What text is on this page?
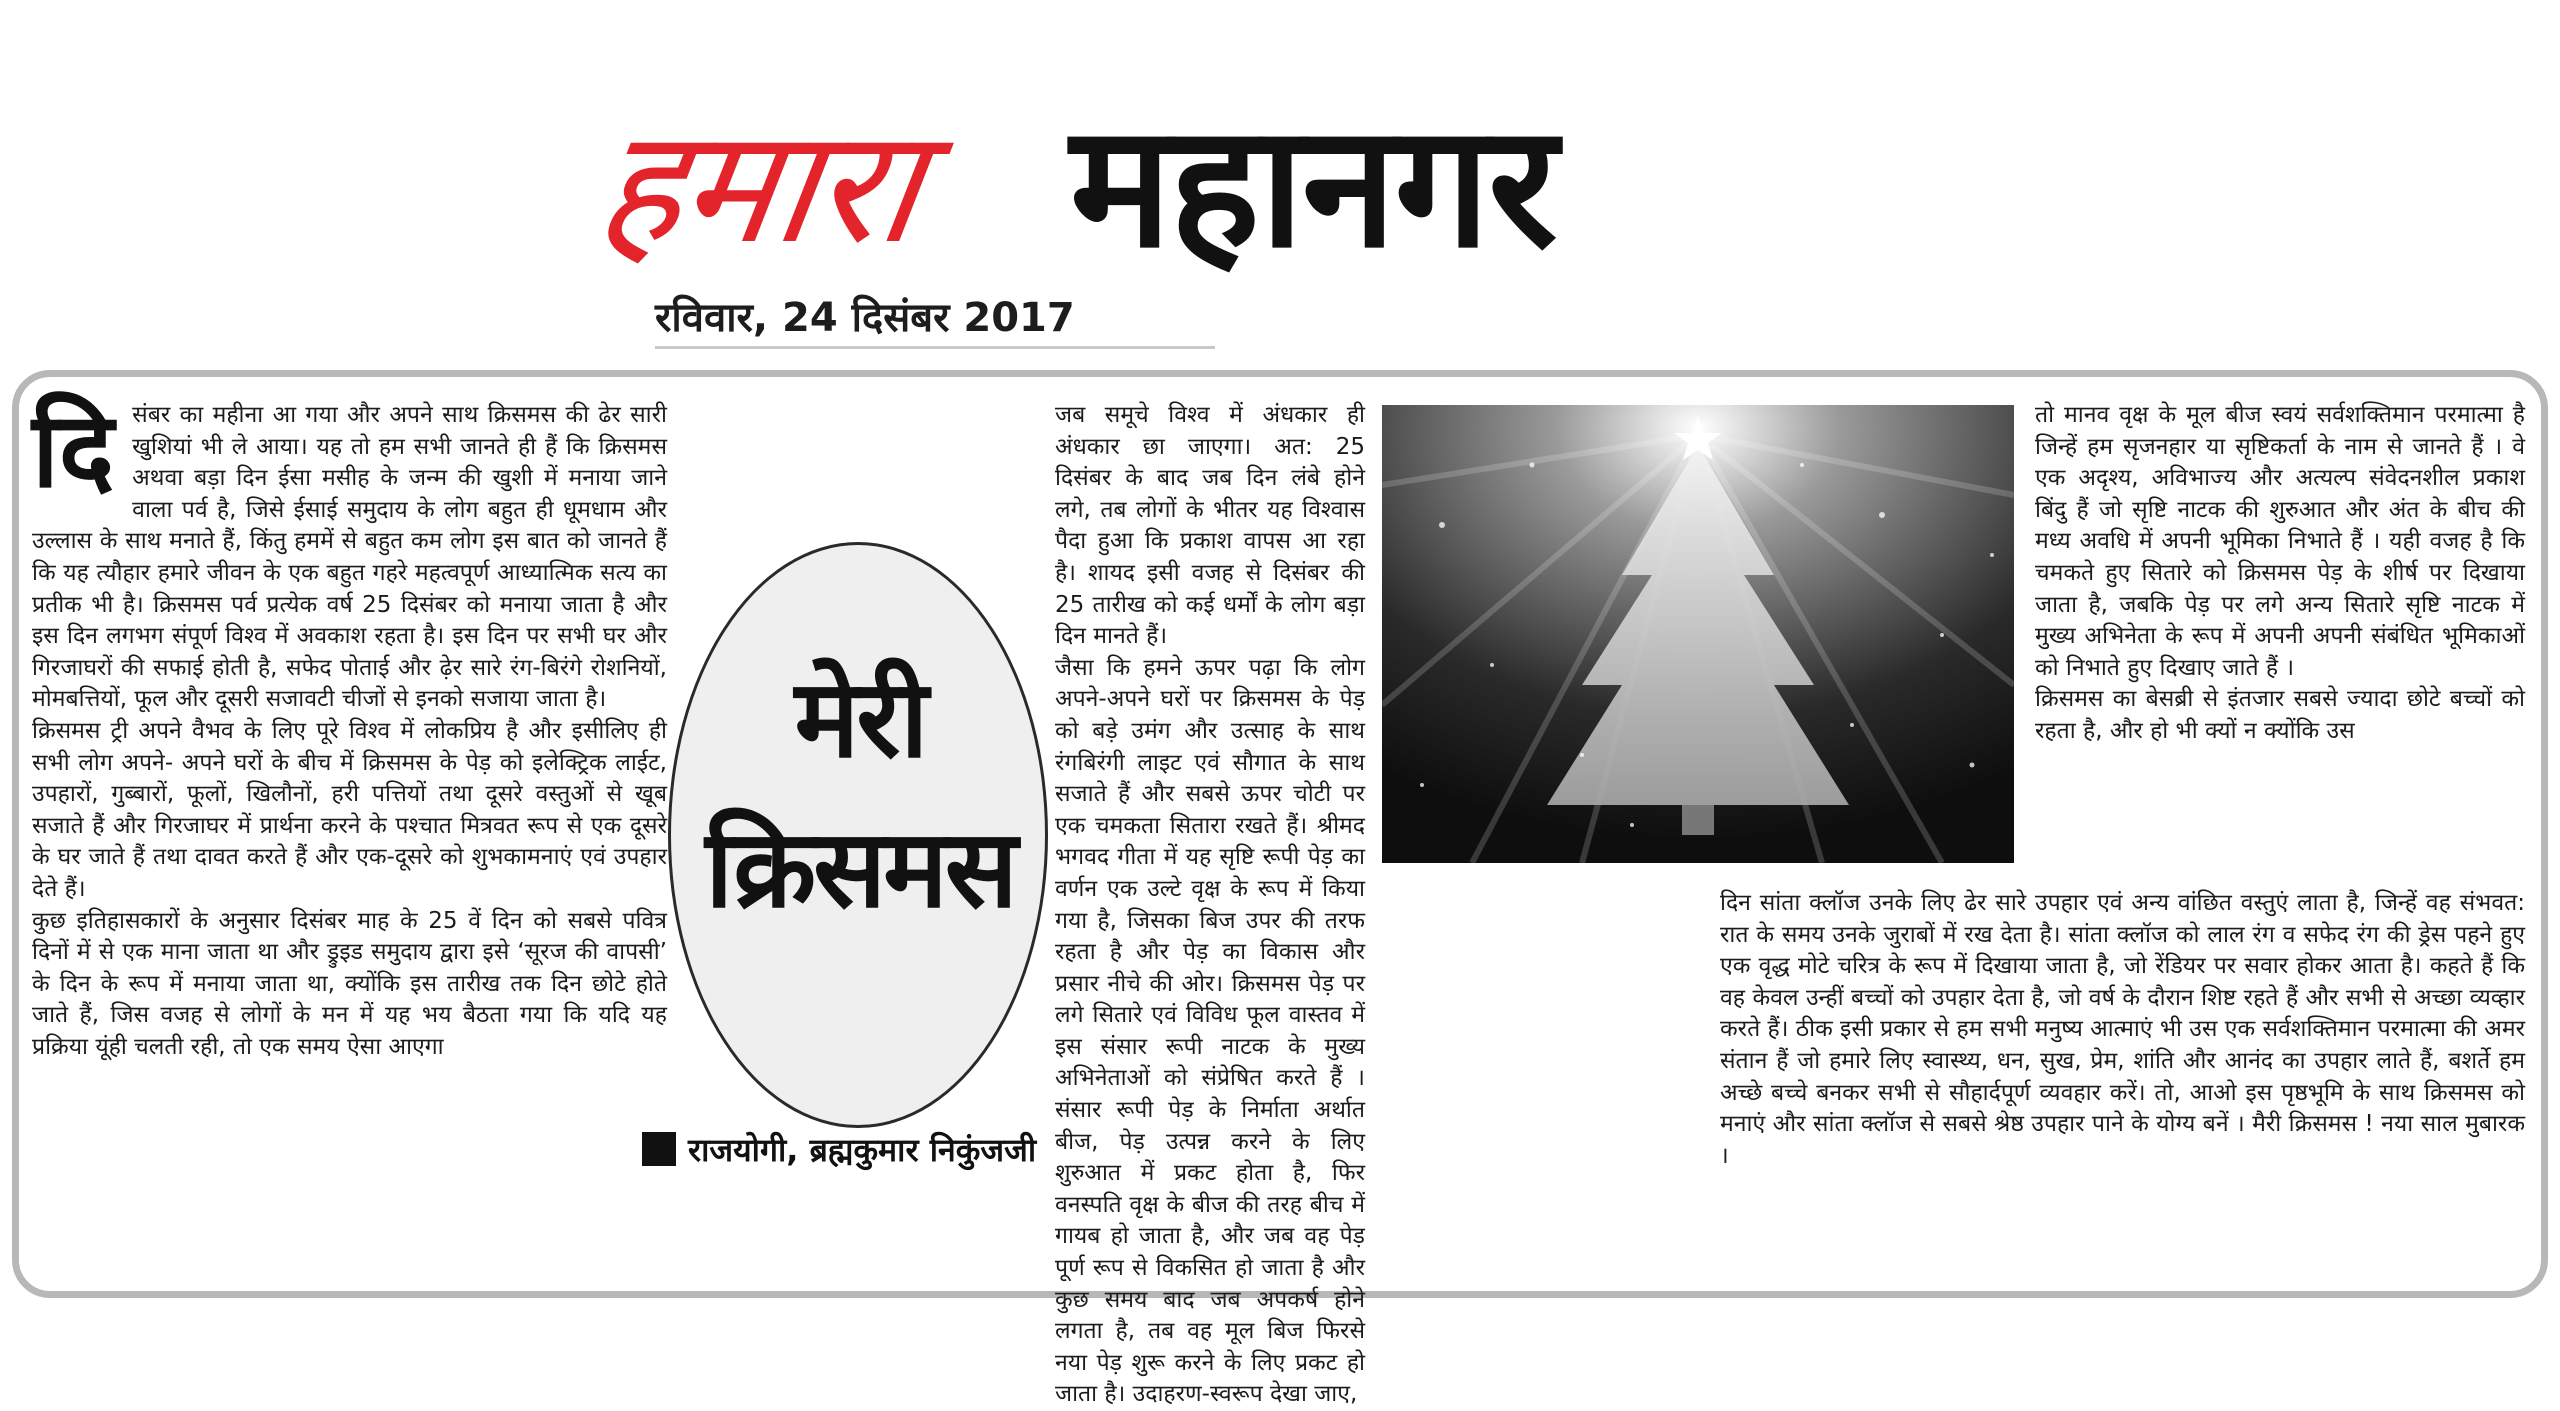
हमारा महानगर
रविवार, 24 दिसंबर 2017
दि संबर का महीना आ गया और अपने साथ क्रिसमस की ढेर सारी खुशियां भी ले आया। यह तो हम सभी जानते ही हैं कि क्रिसमस अथवा बड़ा दिन ईसा मसीह के जन्म की खुशी में मनाया जाने वाला पर्व है, जिसे ईसाई समुदाय के लोग बहुत ही धूमधाम और उल्लास के साथ मनाते हैं, किंतु हममें से बहुत कम लोग इस बात को जानते हैं कि यह त्यौहार हमारे जीवन के एक बहुत गहरे महत्वपूर्ण आध्यात्मिक सत्य का प्रतीक भी है। क्रिसमस पर्व प्रत्येक वर्ष 25 दिसंबर को मनाया जाता है और इस दिन लगभग संपूर्ण विश्व में अवकाश रहता है। इस दिन पर सभी घर और गिरजाघरों की सफाई होती है, सफेद पोताई और ढ़ेर सारे रंग-बिरंगे रोशनियों, मोमबत्तियों, फूल और दूसरी सजावटी चीजों से इनको सजाया जाता है।
क्रिसमस ट्री अपने वैभव के लिए पूरे विश्व में लोकप्रिय है और इसीलिए ही सभी लोग अपने- अपने घरों के बीच में क्रिसमस के पेड़ को इलेक्ट्रिक लाईट, उपहारों, गुब्बारों, फूलों, खिलौनों, हरी पत्तियों तथा दूसरे वस्तुओं से खूब सजाते हैं और गिरजाघर में प्रार्थना करने के पश्चात मित्रवत रूप से एक दूसरे के घर जाते हैं तथा दावत करते हैं और एक-दूसरे को शुभकामनाएं एवं उपहार देते हैं।
कुछ इतिहासकारों के अनुसार दिसंबर माह के 25 वें दिन को सबसे पवित्र दिनों में से एक माना जाता था और ड्रुइड समुदाय द्वारा इसे ‘सूरज की वापसी’ के दिन के रूप में मनाया जाता था, क्योंकि इस तारीख तक दिन छोटे होते जाते हैं, जिस वजह से लोगों के मन में यह भय बैठता गया कि यदि यह प्रक्रिया यूंही चलती रही, तो एक समय ऐसा आएगा
मेरी
क्रिसमस
राजयोगी, ब्रह्मकुमार निकुंजजी
जब समूचे विश्व में अंधकार ही अंधकार छा जाएगा। अत: 25 दिसंबर के बाद जब दिन लंबे होने लगे, तब लोगों के भीतर यह विश्वास पैदा हुआ कि प्रकाश वापस आ रहा है। शायद इसी वजह से दिसंबर की 25 तारीख को कई धर्मों के लोग बड़ा दिन मानते हैं।
जैसा कि हमने ऊपर पढ़ा कि लोग अपने-अपने घरों पर क्रिसमस के पेड़ को बड़े उमंग और उत्साह के साथ रंगबिरंगी लाइट एवं सौगात के साथ सजाते हैं और सबसे ऊपर चोटी पर एक चमकता सितारा रखते हैं। श्रीमद भगवद गीता में यह सृष्टि रूपी पेड़ का वर्णन एक उल्टे वृक्ष के रूप में किया गया है, जिसका बिज उपर की तरफ रहता है और पेड़ का विकास और प्रसार नीचे की ओर। क्रिसमस पेड़ पर लगे सितारे एवं विविध फूल वास्तव में इस संसार रूपी नाटक के मुख्य अभिनेताओं को संप्रेषित करते हैं । संसार रूपी पेड़ के निर्माता अर्थात बीज, पेड़ उत्पन्न करने के लिए शुरुआत में प्रकट होता है, फिर वनस्पति वृक्ष के बीज की तरह बीच में गायब हो जाता है, और जब वह पेड़ पूर्ण रूप से विकसित हो जाता है और कुछ समय बाद जब अपकर्ष होने लगता है, तब वह मूल बिज फिरसे नया पेड़ शुरू करने के लिए प्रकट हो जाता है। उदाहरण-स्वरूप देखा जाए,
तो मानव वृक्ष के मूल बीज स्वयं सर्वशक्तिमान परमात्मा है जिन्हें हम सृजनहार या सृष्टिकर्ता के नाम से जानते हैं । वे एक अदृश्य, अविभाज्य और अत्यल्प संवेदनशील प्रकाश बिंदु हैं जो सृष्टि नाटक की शुरुआत और अंत के बीच की मध्य अवधि में अपनी भूमिका निभाते हैं । यही वजह है कि चमकते हुए सितारे को क्रिसमस पेड़ के शीर्ष पर दिखाया जाता है, जबकि पेड़ पर लगे अन्य सितारे सृष्टि नाटक में मुख्य अभिनेता के रूप में अपनी अपनी संबंधित भूमिकाओं को निभाते हुए दिखाए जाते हैं ।
क्रिसमस का बेसब्री से इंतजार सबसे ज्यादा छोटे बच्चों को रहता है, और हो भी क्यों न क्योंकि उस
दिन सांता क्लॉज उनके लिए ढेर सारे उपहार एवं अन्य वांछित वस्तुएं लाता है, जिन्हें वह संभवत: रात के समय उनके जुराबों में रख देता है। सांता क्लॉज को लाल रंग व सफेद रंग की ड्रेस पहने हुए एक वृद्ध मोटे चरित्र के रूप में दिखाया जाता है, जो रेंडियर पर सवार होकर आता है। कहते हैं कि वह केवल उन्हीं बच्चों को उपहार देता है, जो वर्ष के दौरान शिष्ट रहते हैं और सभी से अच्छा व्यव्हार करते हैं। ठीक इसी प्रकार से हम सभी मनुष्य आत्माएं भी उस एक सर्वशक्तिमान परमात्मा की अमर संतान हैं जो हमारे लिए स्वास्थ्य, धन, सुख, प्रेम, शांति और आनंद का उपहार लाते हैं, बशर्ते हम अच्छे बच्चे बनकर सभी से सौहार्दपूर्ण व्यवहार करें। तो, आओ इस पृष्ठभूमि के साथ क्रिसमस को मनाएं और सांता क्लॉज से सबसे श्रेष्ठ उपहार पाने के योग्य बनें । मैरी क्रिसमस ! नया साल मुबारक ।
